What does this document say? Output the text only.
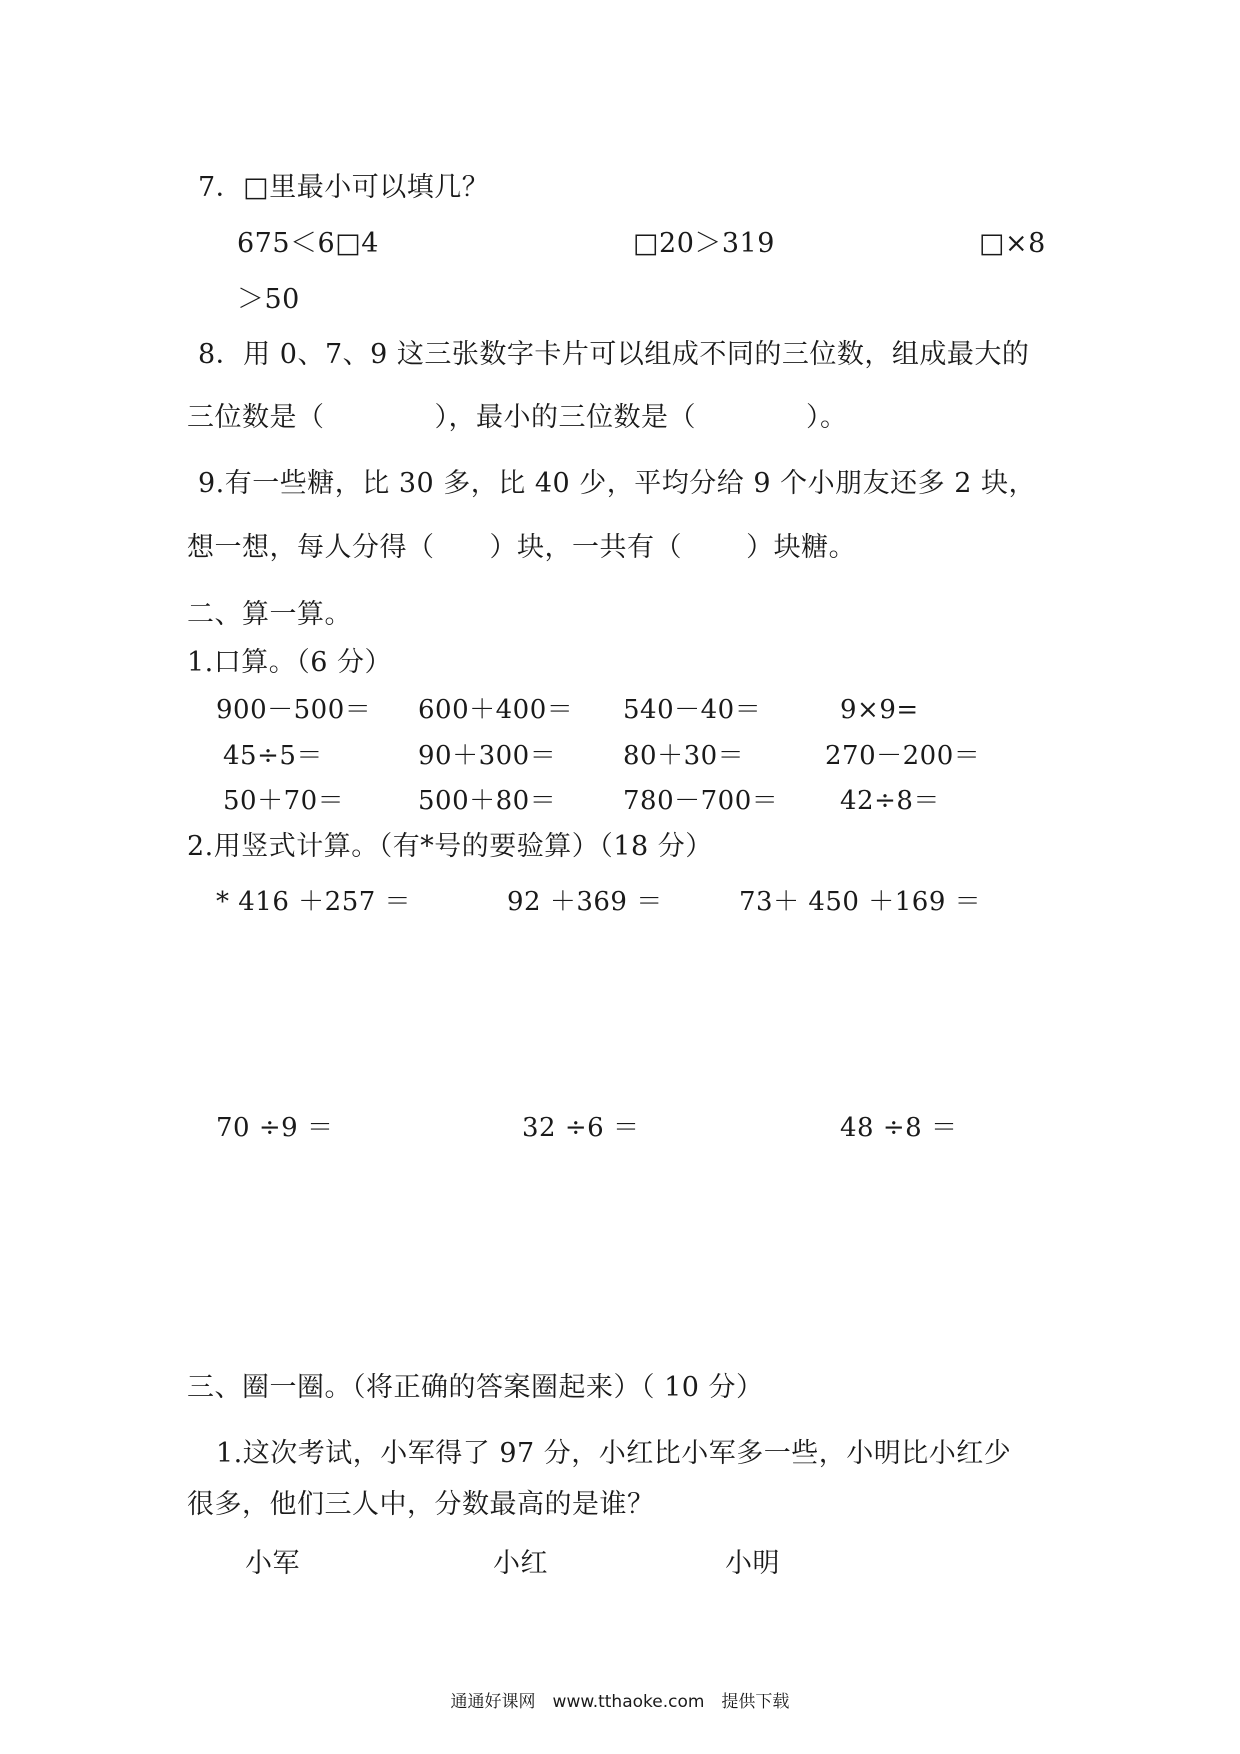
7．□里最小可以填几？
675＜6□4	□20＞319	□×8
＞50
8．用 0、7、9 这三张数字卡片可以组成不同的三位数，组成最大的
三位数是（　　　　），最小的三位数是（　　　　）。
9.有一些糖，比 30 多，比 40 少，平均分给 9 个小朋友还多 2 块，
想一想，每人分得（　　）块，一共有（　　 ）块糖。
二、算一算。
1.口算。（6 分）
900－500＝ 600＋400＝ 540－40＝	9×9=
45÷5＝	90＋300＝	80＋30＝	270－200＝
50＋70＝	500＋80＝	780－700＝ 42÷8＝
2.用竖式计算。（有*号的要验算）（18 分）
* 416 ＋257 ＝	92 ＋369 ＝	73＋ 450 ＋169 ＝
70 ÷9 ＝	32 ÷6 ＝	48 ÷8 ＝
三、圈一圈。（将正确的答案圈起来）（ 10 分）
1.这次考试，小军得了 97 分，小红比小军多一些，小明比小红少
很多，他们三人中，分数最高的是谁？
小军	小红	小明
通通好课网　www.tthaoke.com　提供下载
